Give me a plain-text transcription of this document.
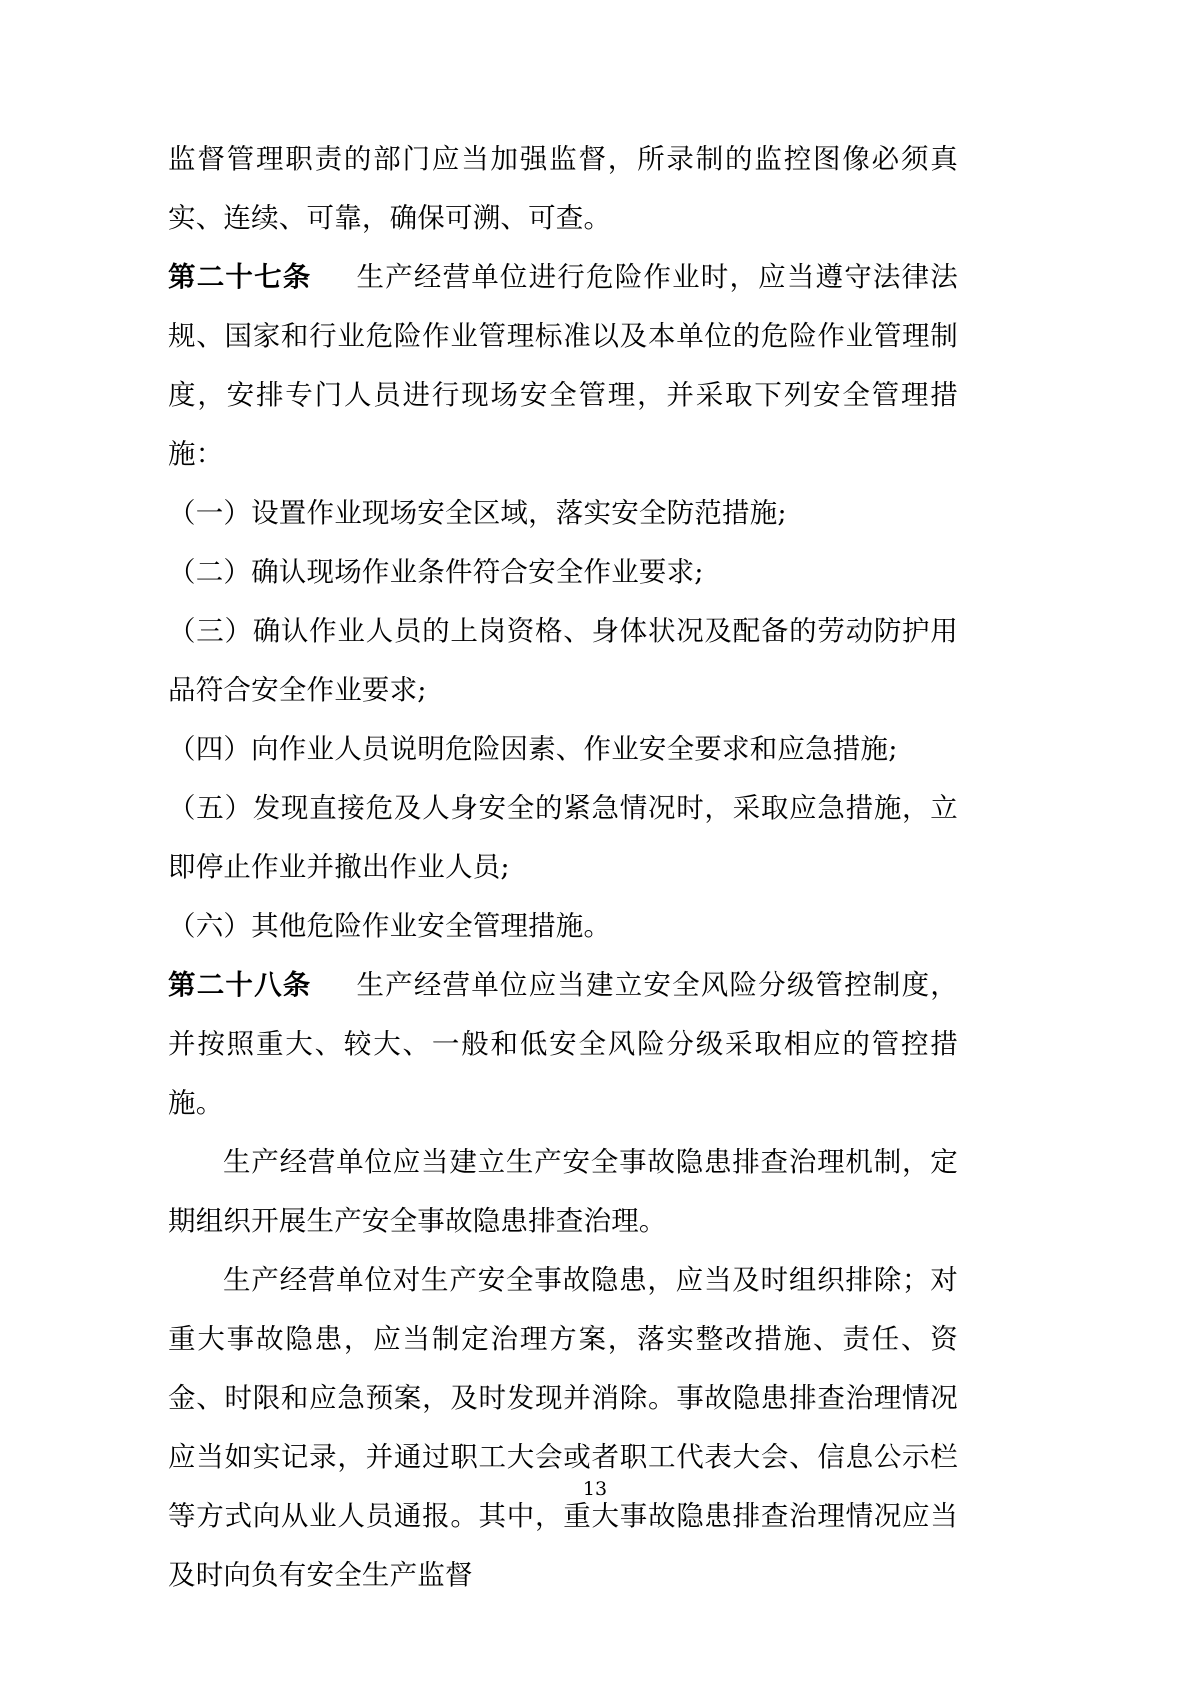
监督管理职责的部门应当加强监督，所录制的监控图像必须真实、连续、可靠，确保可溯、可查。

第二十七条 生产经营单位进行危险作业时，应当遵守法律法规、国家和行业危险作业管理标准以及本单位的危险作业管理制度，安排专门人员进行现场安全管理，并采取下列安全管理措施：

（一）设置作业现场安全区域，落实安全防范措施;

（二）确认现场作业条件符合安全作业要求;

（三）确认作业人员的上岗资格、身体状况及配备的劳动防护用品符合安全作业要求;

（四）向作业人员说明危险因素、作业安全要求和应急措施;

（五）发现直接危及人身安全的紧急情况时，采取应急措施，立即停止作业并撤出作业人员;

（六）其他危险作业安全管理措施。

第二十八条 生产经营单位应当建立安全风险分级管控制度，并按照重大、较大、一般和低安全风险分级采取相应的管控措施。

生产经营单位应当建立生产安全事故隐患排查治理机制，定期组织开展生产安全事故隐患排查治理。

生产经营单位对生产安全事故隐患，应当及时组织排除；对重大事故隐患，应当制定治理方案，落实整改措施、责任、资金、时限和应急预案，及时发现并消除。事故隐患排查治理情况应当如实记录，并通过职工大会或者职工代表大会、信息公示栏等方式向从业人员通报。其中，重大事故隐患排查治理情况应当及时向负有安全生产监督

13
